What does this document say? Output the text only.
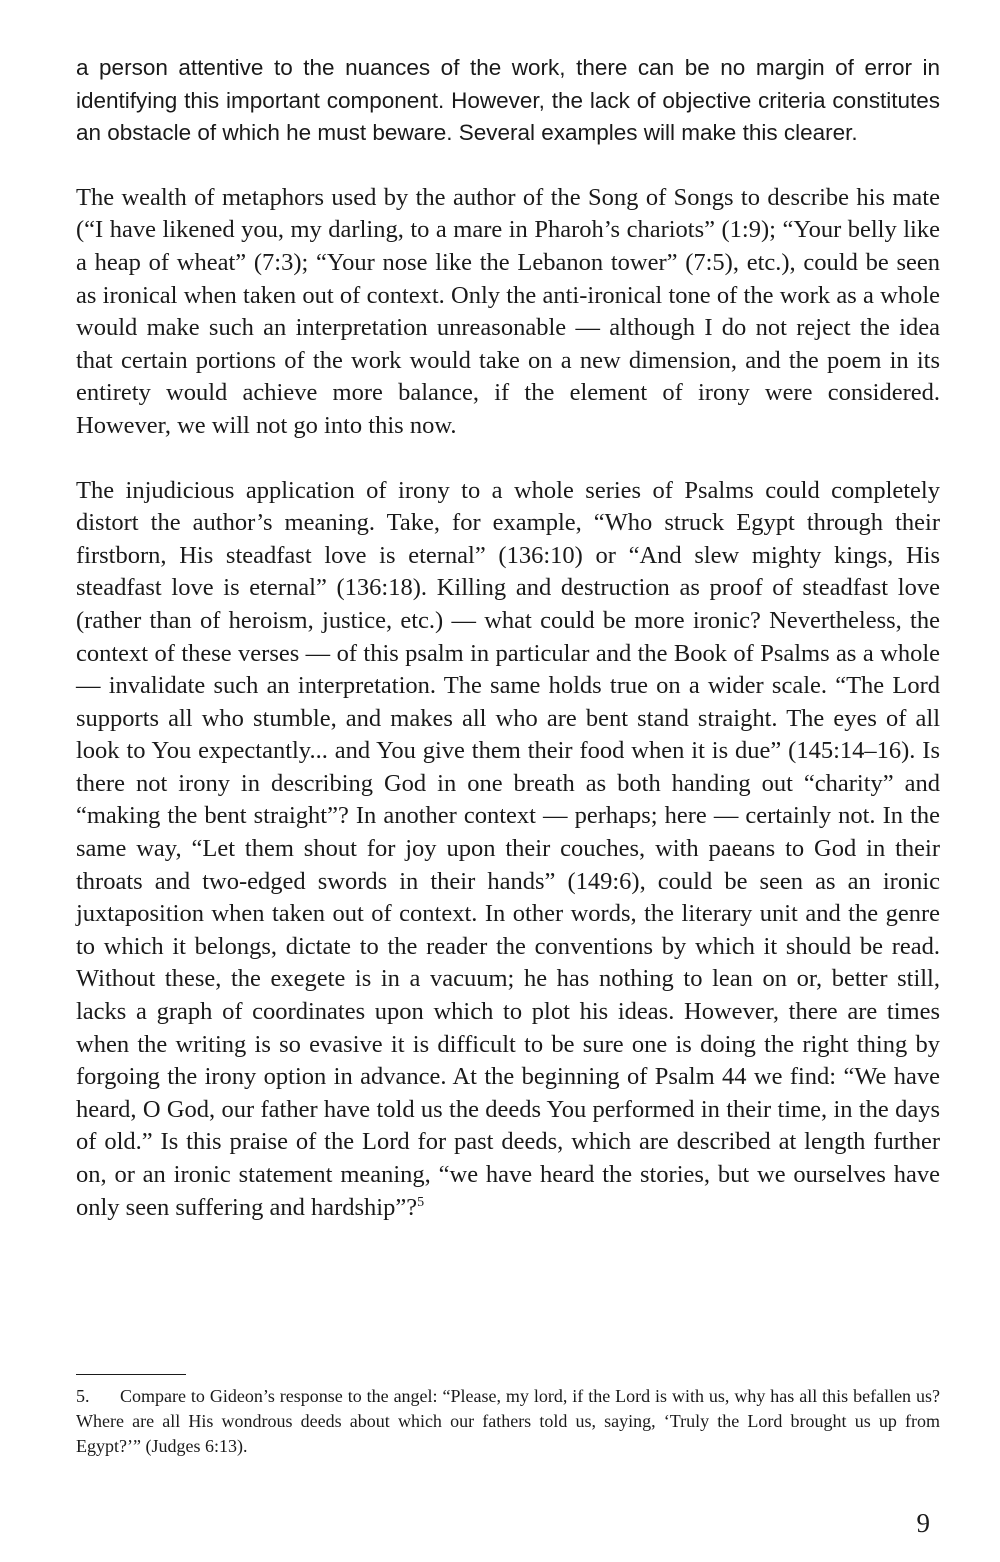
a person attentive to the nuances of the work, there can be no margin of error in identifying this important component. However, the lack of objective criteria constitutes an obstacle of which he must beware. Several examples will make this clearer.

The wealth of metaphors used by the author of the Song of Songs to describe his mate (“I have likened you, my darling, to a mare in Pharoh’s chariots” (1:9); “Your belly like a heap of wheat” (7:3); “Your nose like the Lebanon tower” (7:5), etc.), could be seen as ironical when taken out of context. Only the anti-ironical tone of the work as a whole would make such an interpretation unreasonable — although I do not reject the idea that certain portions of the work would take on a new dimension, and the poem in its entirety would achieve more balance, if the element of irony were considered. However, we will not go into this now.

The injudicious application of irony to a whole series of Psalms could completely distort the author’s meaning. Take, for example, “Who struck Egypt through their firstborn, His steadfast love is eternal” (136:10) or “And slew mighty kings, His steadfast love is eternal” (136:18). Killing and destruction as proof of steadfast love (rather than of heroism, justice, etc.) — what could be more ironic? Nevertheless, the context of these verses — of this psalm in particular and the Book of Psalms as a whole — invalidate such an interpretation. The same holds true on a wider scale. “The Lord supports all who stumble, and makes all who are bent stand straight. The eyes of all look to You expectantly... and You give them their food when it is due” (145:14–16). Is there not irony in describing God in one breath as both handing out “charity” and “making the bent straight”? In another context — perhaps; here — certainly not. In the same way, “Let them shout for joy upon their couches, with paeans to God in their throats and two-edged swords in their hands” (149:6), could be seen as an ironic juxtaposition when taken out of context. In other words, the literary unit and the genre to which it belongs, dictate to the reader the conventions by which it should be read. Without these, the exegete is in a vacuum; he has nothing to lean on or, better still, lacks a graph of coordinates upon which to plot his ideas. However, there are times when the writing is so evasive it is difficult to be sure one is doing the right thing by forgoing the irony option in advance. At the beginning of Psalm 44 we find: “We have heard, O God, our father have told us the deeds You performed in their time, in the days of old.” Is this praise of the Lord for past deeds, which are described at length further on, or an ironic statement meaning, “we have heard the stories, but we ourselves have only seen suffering and hardship”?$^5$

5. Compare to Gideon’s response to the angel: “Please, my lord, if the Lord is with us, why has all this befallen us? Where are all His wondrous deeds about which our fathers told us, saying, ‘Truly the Lord brought us up from Egypt?’” (Judges 6:13).

9
